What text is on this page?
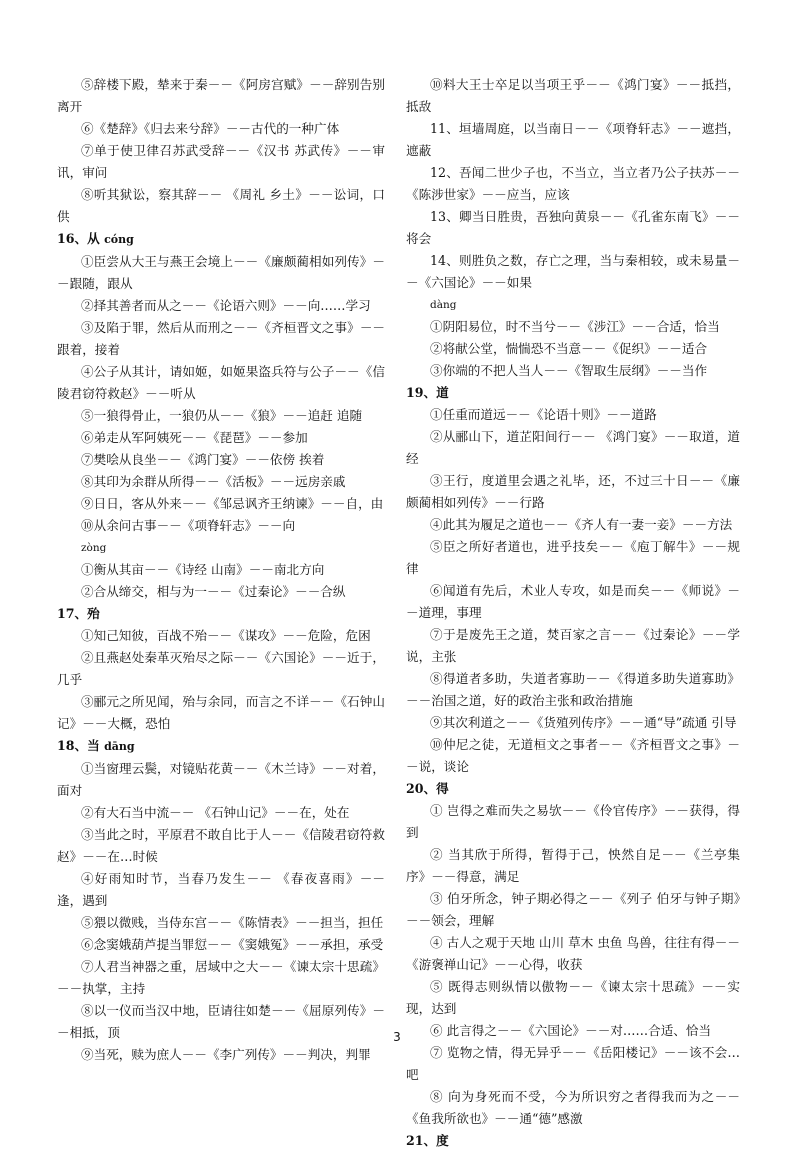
⑤辞楼下殿，辇来于秦－－《阿房宫赋》－－辞别告别 离开

⑥《楚辞》《归去来兮辞》－－古代的一种广体

⑦单于使卫律召苏武受辞－－《汉书 苏武传》－－审讯，审问

⑧听其狱讼，察其辞－－ 《周礼 乡土》－－讼词，口供

16、从 cóng

①臣尝从大王与燕王会境上－－《廉颇蔺相如列传》－－跟随，跟从

②择其善者而从之－－《论语六则》－－向……学习

③及陷于罪，然后从而刑之－－《齐桓晋文之事》－－跟着，接着

④公子从其计，请如姬，如姬果盗兵符与公子－－《信陵君窃符救赵》－－听从

⑤一狼得骨止，一狼仍从－－《狼》－－追赶 追随

⑥弟走从军阿姨死－－《琵琶》－－参加

⑦樊哙从良坐－－《鸿门宴》－－依傍 挨着

⑧其印为余群从所得－－《活板》－－远房亲戚

⑨日日，客从外来－－《邹忌讽齐王纳谏》－－自，由

⑩从余问古事－－《项脊轩志》－－向

zòng

①衡从其亩－－《诗经 山南》－－南北方向

②合从缔交，相与为一－－《过秦论》－－合纵

17、殆

①知己知彼，百战不殆－－《谋攻》－－危险，危困

②且燕赵处秦革灭殆尽之际－－《六国论》－－近于，几乎

③郦元之所见闻，殆与余同，而言之不详－－《石钟山记》－－大概，恐怕

18、当 dāng

①当窗理云鬓，对镜贴花黄－－《木兰诗》－－对着，面对

②有大石当中流－－ 《石钟山记》－－在，处在

③当此之时，平原君不敢自比于人－－《信陵君窃符救赵》－－在…时候

④好雨知时节，当春乃发生－－ 《春夜喜雨》－－逢，遇到

⑤猥以微贱，当侍东宫－－《陈情表》－－担当，担任

⑥念窦娥葫芦提当罪愆－－《窦娥冤》－－承担，承受

⑦人君当神器之重，居域中之大－－《谏太宗十思疏》－－执掌，主持

⑧以一仪而当汉中地，臣请往如楚－－《屈原列传》－－相抵，顶

⑨当死，赎为庶人－－《李广列传》－－判决，判罪

⑩料大王士卒足以当项王乎－－《鸿门宴》－－抵挡，抵敌

11、垣墙周庭，以当南日－－《项脊轩志》－－遮挡，遮蔽

12、吾闻二世少子也，不当立，当立者乃公子扶苏－－《陈涉世家》－－应当，应该

13、卿当日胜贵，吾独向黄泉－－《孔雀东南飞》－－将会

14、则胜负之数，存亡之理，当与秦相较，或未易量－－《六国论》－－如果

dàng

①阴阳易位，时不当兮－－《涉江》－－合适，恰当

②将献公堂，惴惴恐不当意－－《促织》－－适合

③你端的不把人当人－－《智取生辰纲》－－当作

19、道

①任重而道远－－《论语十则》－－道路

②从郦山下，道芷阳间行－－ 《鸿门宴》－－取道，道经

③王行，度道里会遇之礼毕，还，不过三十日－－《廉颇蔺相如列传》－－行路

④此其为履足之道也－－《齐人有一妻一妾》－－方法

⑤臣之所好者道也，进乎技矣－－《庖丁解牛》－－规律

⑥闻道有先后，术业人专攻，如是而矣－－《师说》－－道理，事理

⑦于是废先王之道，焚百家之言－－《过秦论》－－学说，主张

⑧得道者多助，失道者寡助－－《得道多助失道寡助》－－治国之道，好的政治主张和政治措施

⑨其次利道之－－《货殖列传序》－－通“导”疏通 引导

⑩仲尼之徒，无道桓文之事者－－《齐桓晋文之事》－－说，谈论

20、得

① 岂得之难而失之易欤－－《伶官传序》－－获得，得到

② 当其欣于所得，暂得于己，怏然自足－－《兰亭集序》－－得意，满足

③ 伯牙所念，钟子期必得之－－《列子 伯牙与钟子期》－－领会，理解

④ 古人之观于天地 山川 草木 虫鱼 鸟兽，往往有得－－《游褒禅山记》－－心得，收获

⑤ 既得志则纵情以傲物－－《谏太宗十思疏》－－实现，达到

⑥ 此言得之－－《六国论》－－对……合适、恰当

⑦ 览物之情，得无异乎－－《岳阳楼记》－－该不会…吧

⑧ 向为身死而不受，今为所识穷之者得我而为之－－《鱼我所欲也》－－通“德”感激

21、度

3
